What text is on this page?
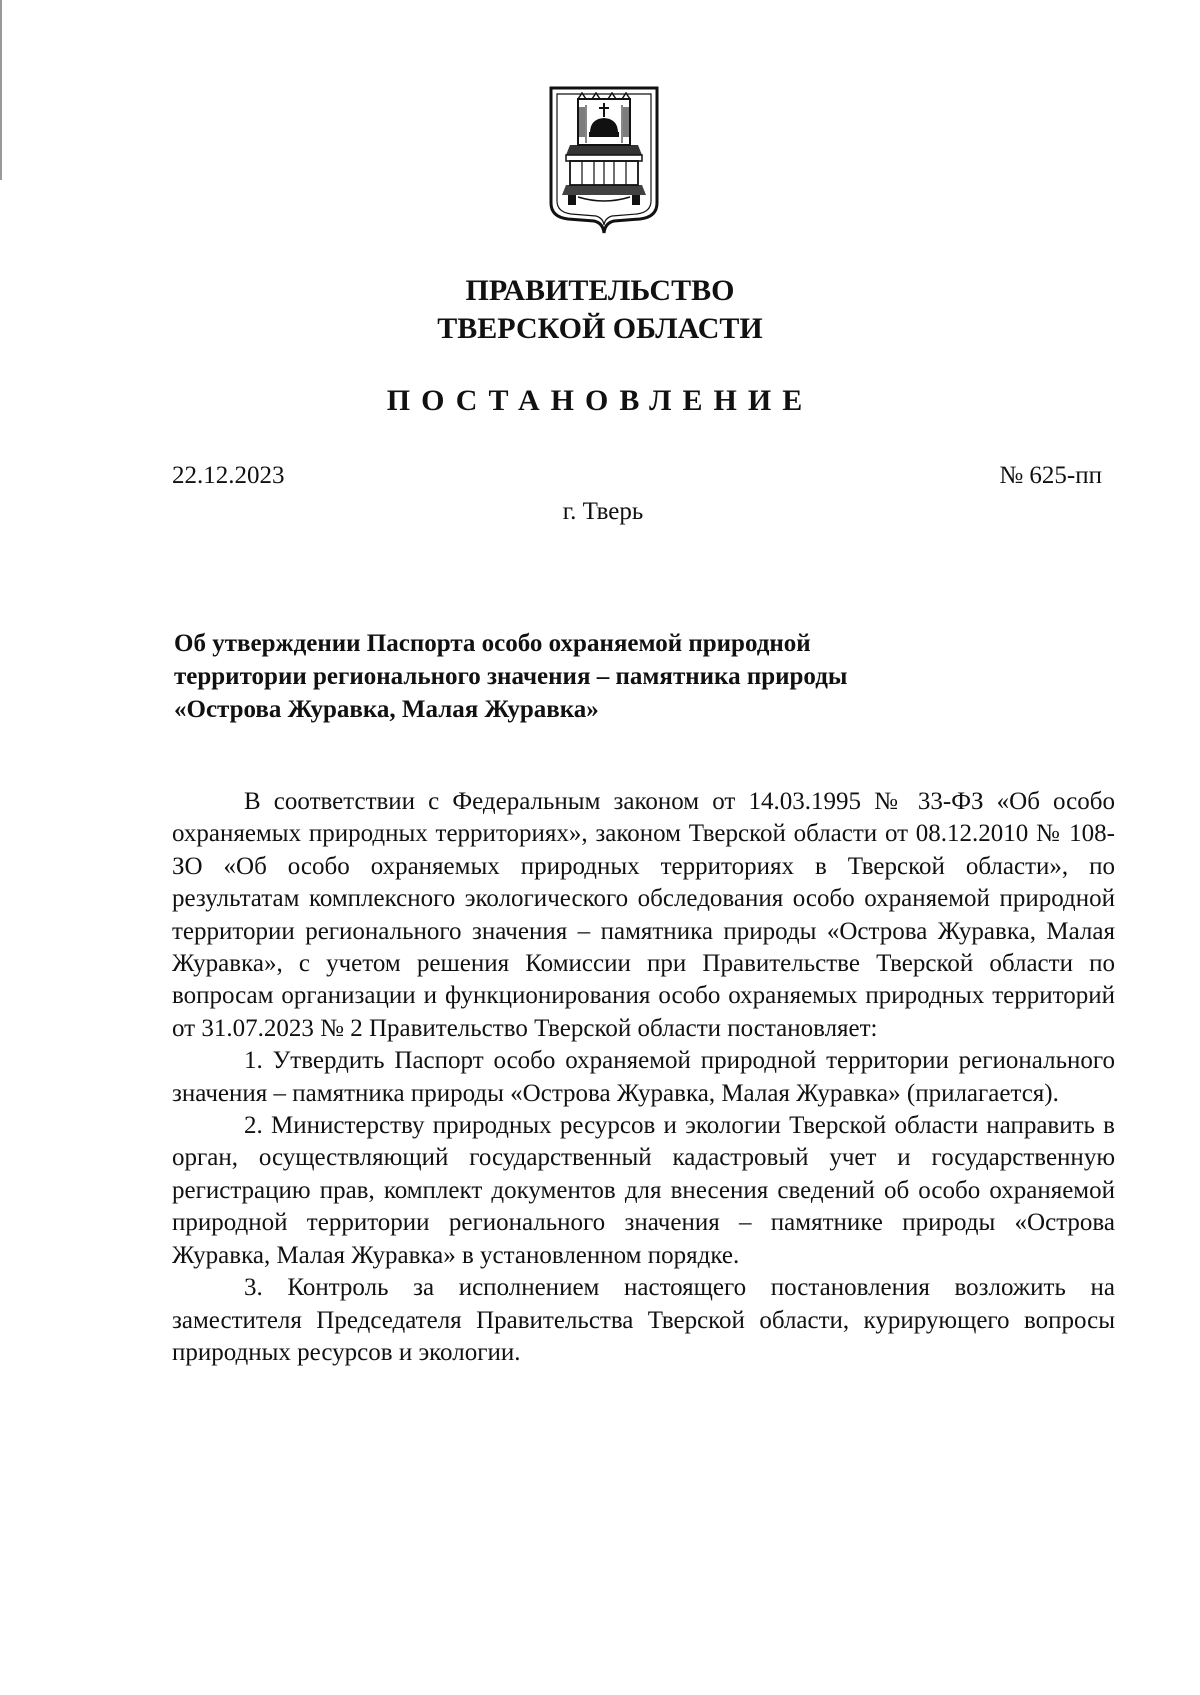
ПРАВИТЕЛЬСТВО
ТВЕРСКОЙ ОБЛАСТИ
ПОСТАНОВЛЕНИЕ
22.12.2023	№ 625-пп
г. Тверь
Об утверждении Паспорта особо охраняемой природной
территории регионального значения – памятника природы
«Острова Журавка, Малая Журавка»

В соответствии с Федеральным законом от 14.03.1995 № 33-ФЗ «Об особо охраняемых природных территориях», законом Тверской области от 08.12.2010 № 108-ЗО «Об особо охраняемых природных территориях в Тверской области», по результатам комплексного экологического обследования особо охраняемой природной территории регионального значения – памятника природы «Острова Журавка, Малая Журавка», с учетом решения Комиссии при Правительстве Тверской области по вопросам организации и функционирования особо охраняемых природных территорий от 31.07.2023 № 2 Правительство Тверской области постановляет:

1. Утвердить Паспорт особо охраняемой природной территории регионального значения – памятника природы «Острова Журавка, Малая Журавка» (прилагается).

2. Министерству природных ресурсов и экологии Тверской области направить в орган, осуществляющий государственный кадастровый учет и государственную регистрацию прав, комплект документов для внесения сведений об особо охраняемой природной территории регионального значения – памятнике природы «Острова Журавка, Малая Журавка» в установленном порядке.

3. Контроль за исполнением настоящего постановления возложить на заместителя Председателя Правительства Тверской области, курирующего вопросы природных ресурсов и экологии.
